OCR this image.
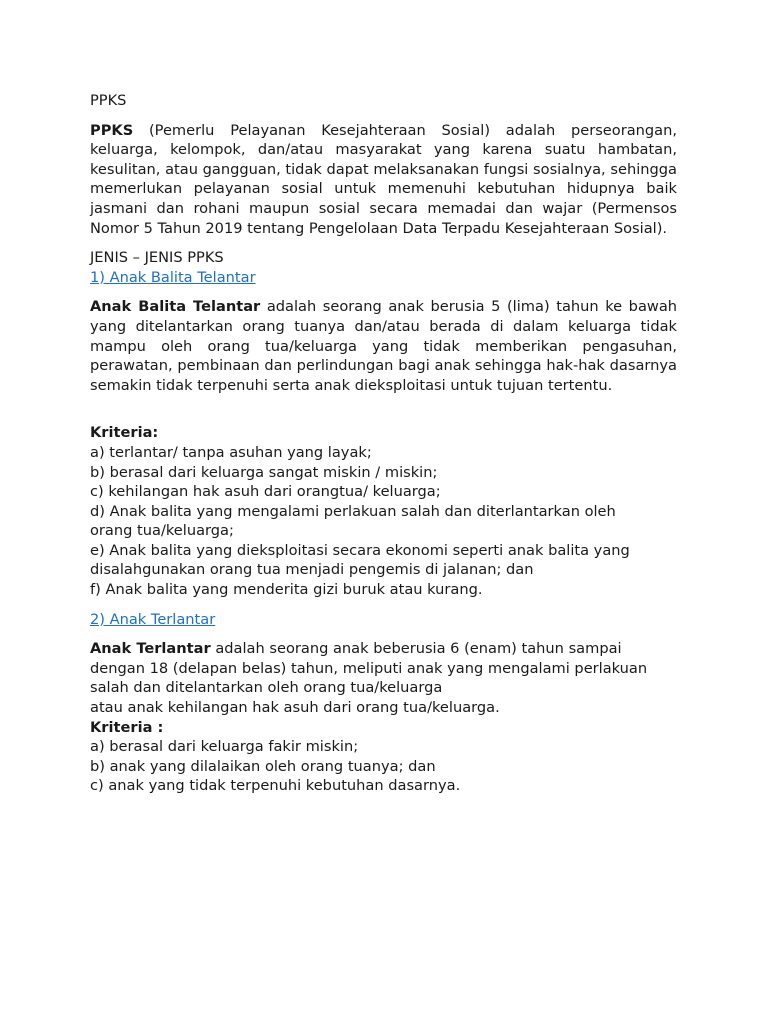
PPKS

PPKS (Pemerlu Pelayanan Kesejahteraan Sosial) adalah perseorangan, keluarga, kelompok, dan/atau masyarakat yang karena suatu hambatan, kesulitan, atau gangguan, tidak dapat melaksanakan fungsi sosialnya, sehingga memerlukan pelayanan sosial untuk memenuhi kebutuhan hidupnya baik jasmani dan rohani maupun sosial secara memadai dan wajar (Permensos Nomor 5 Tahun 2019 tentang Pengelolaan Data Terpadu Kesejahteraan Sosial).

JENIS – JENIS PPKS
1) Anak Balita Telantar

Anak Balita Telantar adalah seorang anak berusia 5 (lima) tahun ke bawah yang ditelantarkan orang tuanya dan/atau berada di dalam keluarga tidak mampu oleh orang tua/keluarga yang tidak memberikan pengasuhan, perawatan, pembinaan dan perlindungan bagi anak sehingga hak-hak dasarnya semakin tidak terpenuhi serta anak dieksploitasi untuk tujuan tertentu.

Kriteria:
a) terlantar/ tanpa asuhan yang layak;
b) berasal dari keluarga sangat miskin / miskin;
c) kehilangan hak asuh dari orangtua/ keluarga;
d) Anak balita yang mengalami perlakuan salah dan diterlantarkan oleh
orang tua/keluarga;
e) Anak balita yang dieksploitasi secara ekonomi seperti anak balita yang
disalahgunakan orang tua menjadi pengemis di jalanan; dan
f) Anak balita yang menderita gizi buruk atau kurang.
2) Anak Terlantar
Anak Terlantar adalah seorang anak beberusia 6 (enam) tahun sampai
dengan 18 (delapan belas) tahun, meliputi anak yang mengalami perlakuan
salah dan ditelantarkan oleh orang tua/keluarga
atau anak kehilangan hak asuh dari orang tua/keluarga.
Kriteria :
a) berasal dari keluarga fakir miskin;
b) anak yang dilalaikan oleh orang tuanya; dan
c) anak yang tidak terpenuhi kebutuhan dasarnya.
